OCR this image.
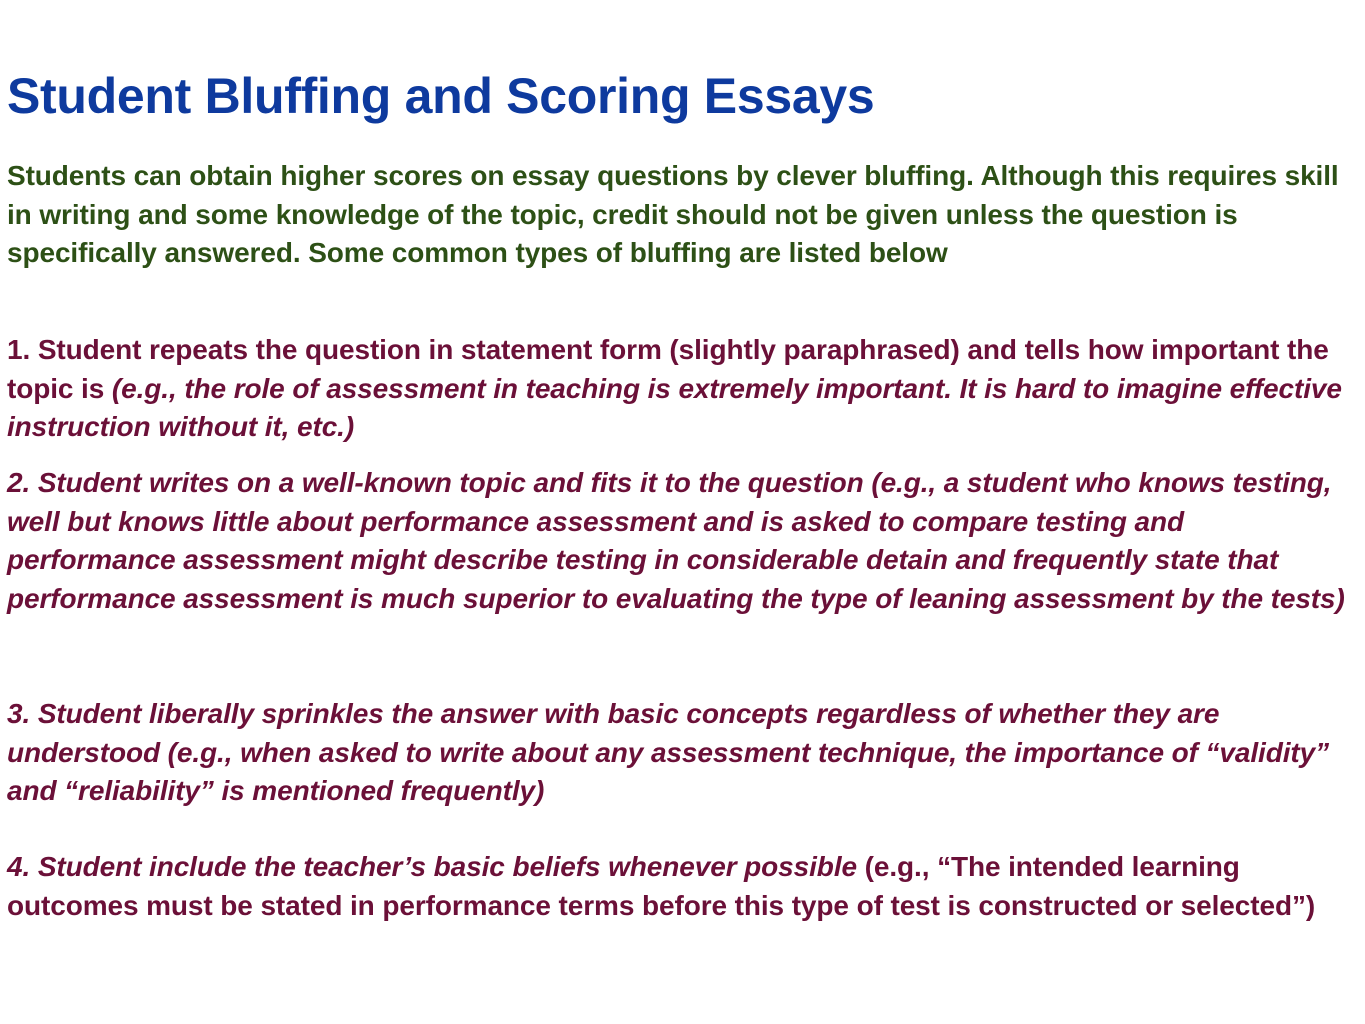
Student Bluffing and Scoring Essays

Students can obtain higher scores on essay questions by clever bluffing. Although this requires skill in writing and some knowledge of the topic, credit should not be given unless the question is specifically answered. Some common types of bluffing are listed below

1. Student repeats the question in statement form (slightly paraphrased) and tells how important the topic is (e.g., the role of assessment in teaching is extremely important. It is hard to imagine effective instruction without it, etc.)

2. Student writes on a well-known topic and fits it to the question (e.g., a student who knows testing, well but knows little about performance assessment and is asked to compare testing and performance assessment might describe testing in considerable detain and frequently state that performance assessment is much superior to evaluating the type of leaning assessment by the tests)

3. Student liberally sprinkles the answer with basic concepts regardless of whether they are understood (e.g., when asked to write about any assessment technique, the importance of “validity” and “reliability” is mentioned frequently)

4. Student include the teacher’s basic beliefs whenever possible (e.g., “The intended learning outcomes must be stated in performance terms before this type of test is constructed or selected”)
